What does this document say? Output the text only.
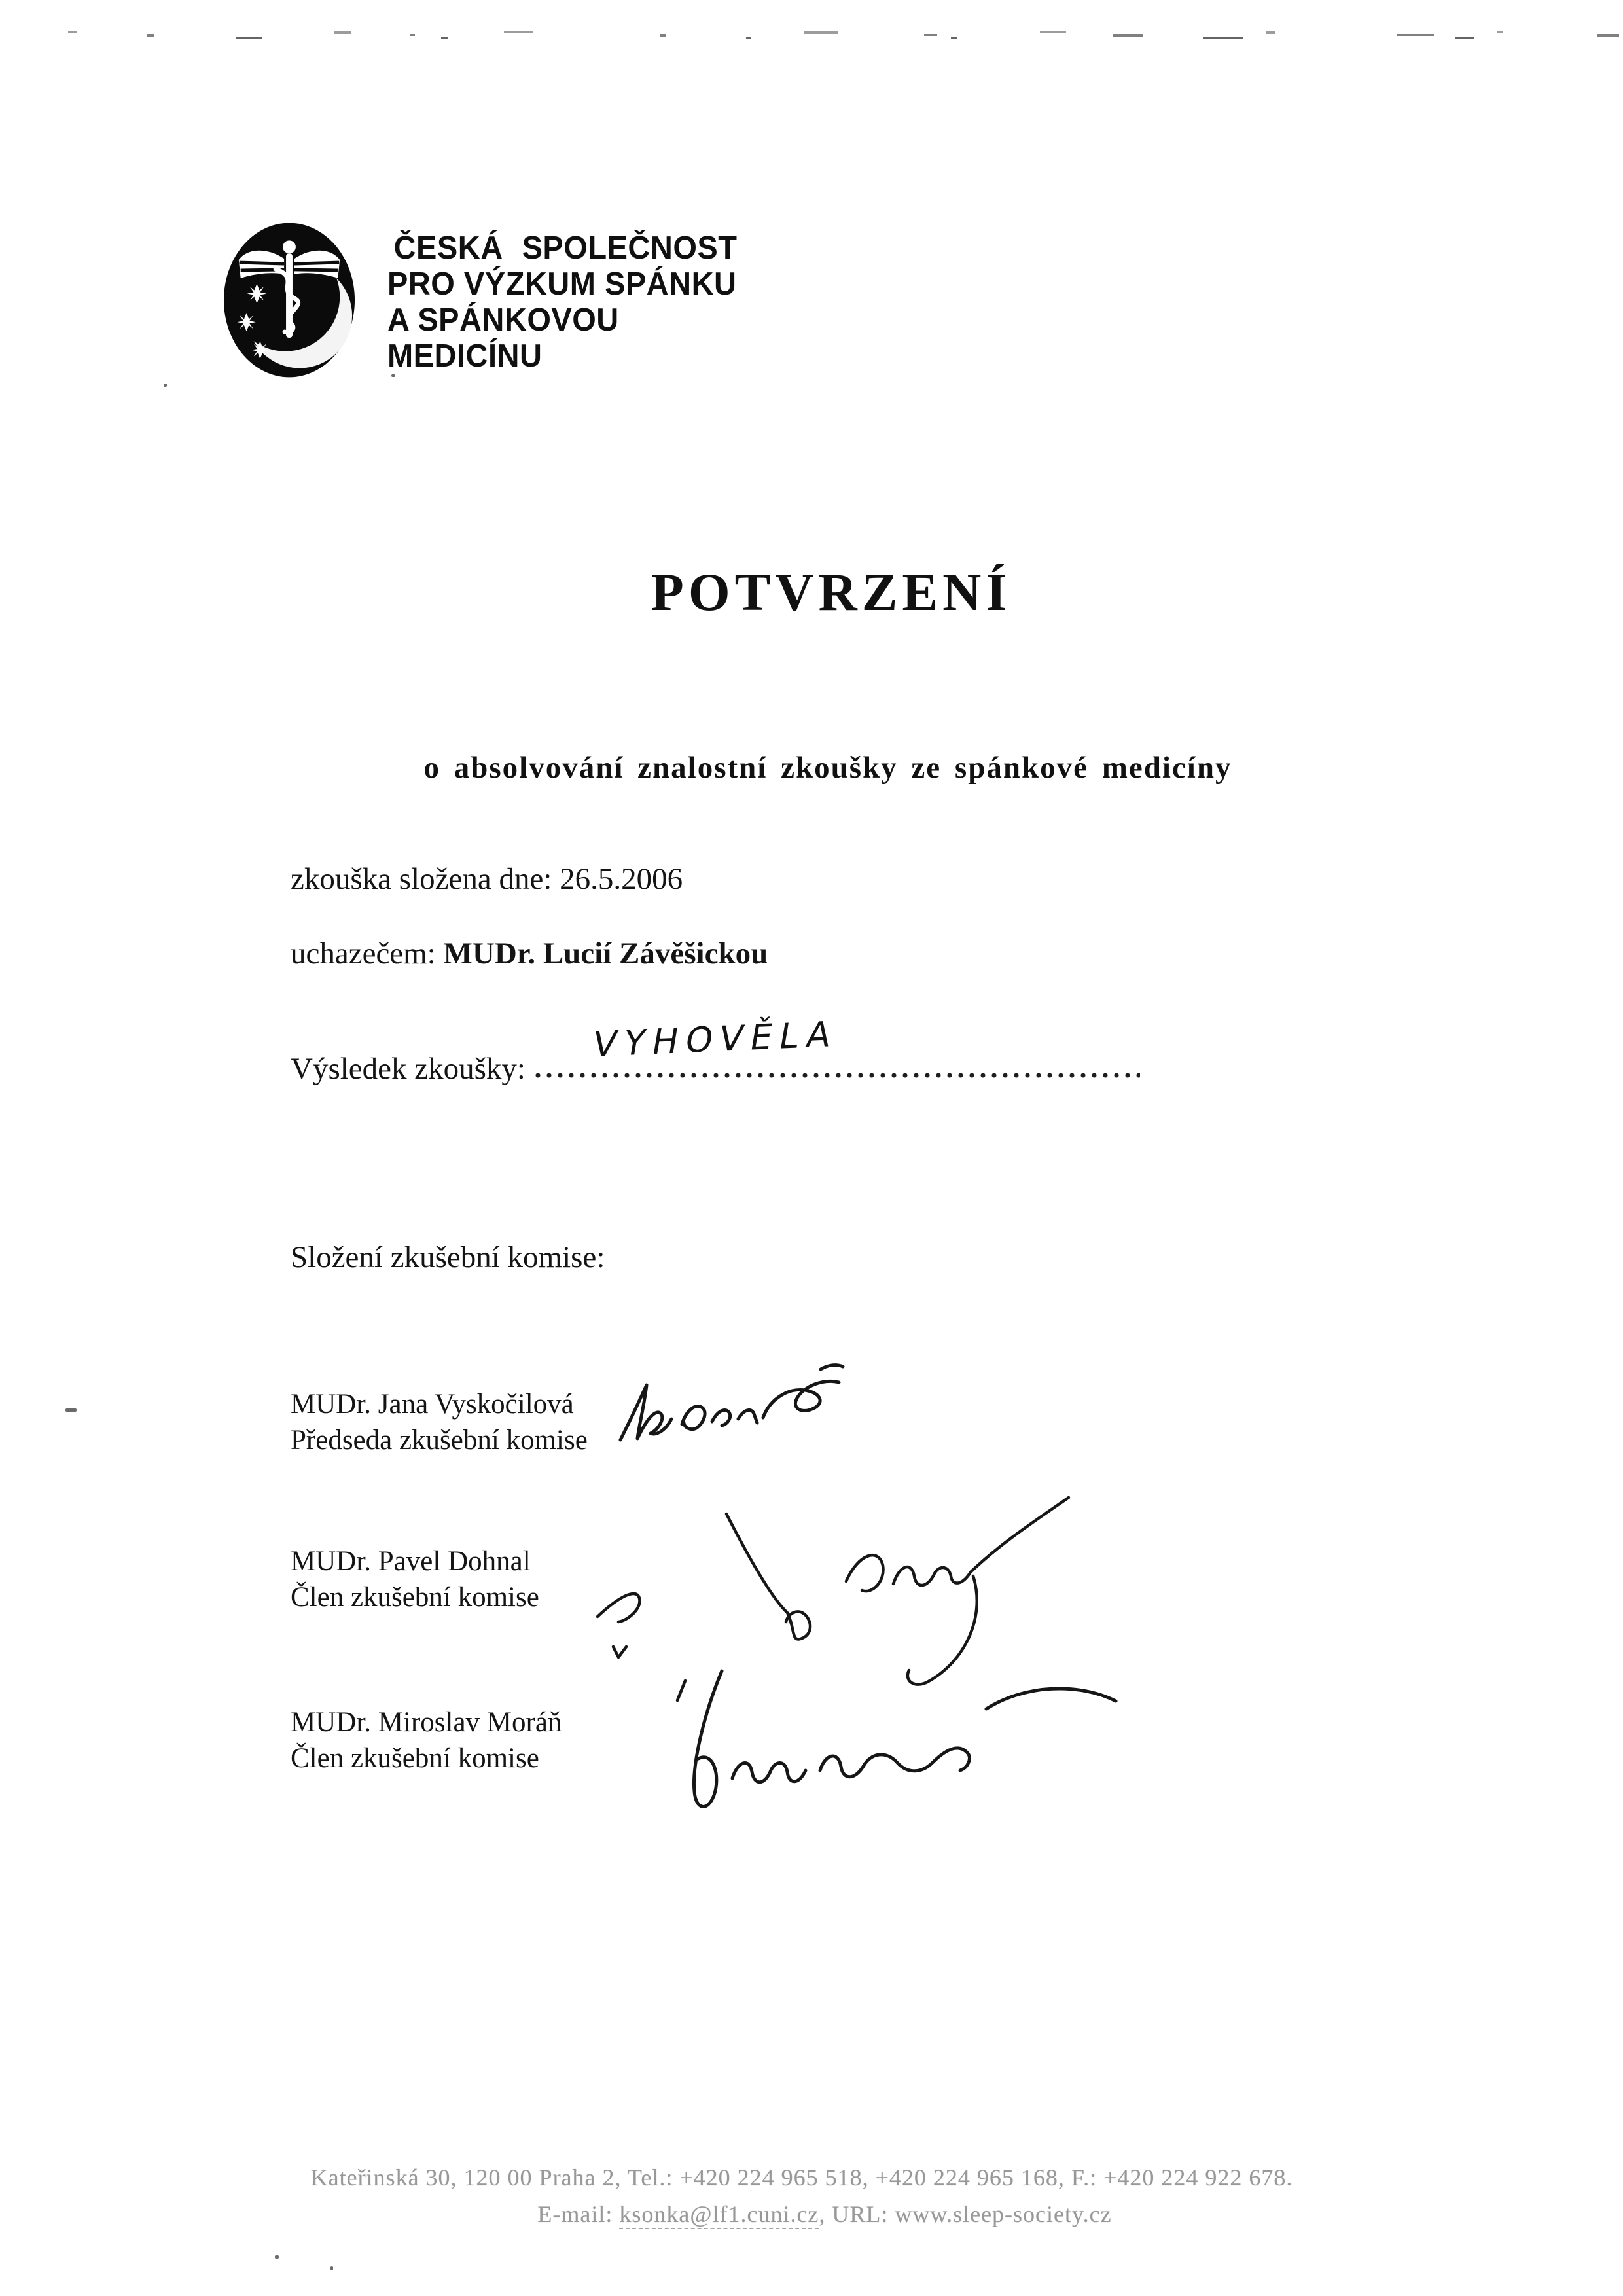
ČESKÁ SPOLEČNOST
PRO VÝZKUM SPÁNKU
A SPÁNKOVOU
MEDICÍNU
POTVRZENÍ
o absolvování znalostní zkoušky ze spánkové medicíny
zkouška složena dne: 26.5.2006
uchazečem: MUDr. Lucií Závěšickou
Výsledek zkoušky:
VYHOVĚLA
Složení zkušební komise:
MUDr. Jana Vyskočilová
Předseda zkušební komise
MUDr. Pavel Dohnal
Člen zkušební komise
MUDr. Miroslav Moráň
Člen zkušební komise
Kateřinská 30, 120 00 Praha 2, Tel.: +420 224 965 518, +420 224 965 168, F.: +420 224 922 678.
E-mail: ksonka@lf1.cuni.cz, URL: www.sleep-society.cz
